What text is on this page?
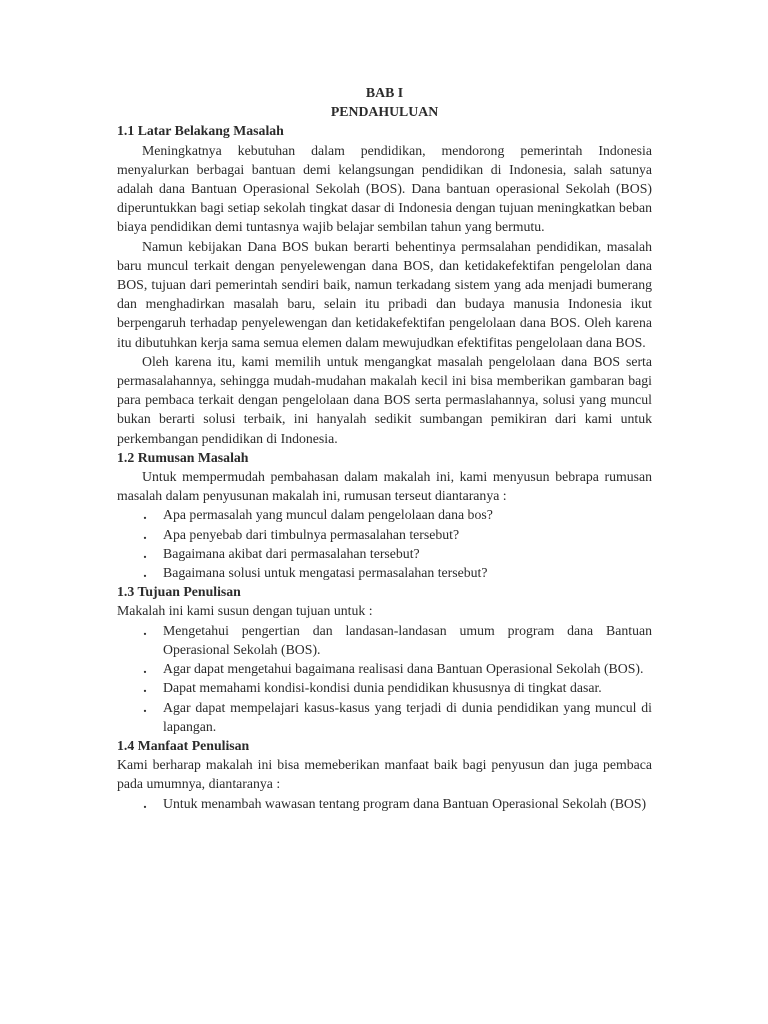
BAB I
PENDAHULUAN
1.1 Latar Belakang Masalah

Meningkatnya kebutuhan dalam pendidikan, mendorong pemerintah Indonesia menyalurkan berbagai bantuan demi kelangsungan pendidikan di Indonesia, salah satunya adalah dana Bantuan Operasional Sekolah (BOS). Dana bantuan operasional Sekolah (BOS) diperuntukkan bagi setiap sekolah tingkat dasar di Indonesia dengan tujuan meningkatkan beban biaya pendidikan demi tuntasnya wajib belajar sembilan tahun yang bermutu.

Namun kebijakan Dana BOS bukan berarti behentinya permsalahan pendidikan, masalah baru muncul terkait dengan penyelewengan dana BOS, dan ketidakefektifan pengelolan dana BOS, tujuan dari pemerintah sendiri baik, namun terkadang sistem yang ada menjadi bumerang dan menghadirkan masalah baru, selain itu pribadi dan budaya manusia Indonesia ikut berpengaruh terhadap penyelewengan dan ketidakefektifan pengelolaan dana BOS. Oleh karena itu dibutuhkan kerja sama semua elemen dalam mewujudkan efektifitas pengelolaan dana BOS.

Oleh karena itu, kami memilih untuk mengangkat masalah pengelolaan dana BOS serta permasalahannya, sehingga mudah-mudahan makalah kecil ini bisa memberikan gambaran bagi para pembaca terkait dengan pengelolaan dana BOS serta permaslahannya, solusi yang muncul bukan berarti solusi terbaik, ini hanyalah sedikit sumbangan pemikiran dari kami untuk perkembangan pendidikan di Indonesia.

1.2 Rumusan Masalah

Untuk mempermudah pembahasan dalam makalah ini, kami menyusun bebrapa rumusan masalah dalam penyusunan makalah ini, rumusan terseut diantaranya :

.	Apa permasalah yang muncul dalam pengelolaan dana bos?
.	Apa penyebab dari timbulnya permasalahan tersebut?
.	Bagaimana akibat dari permasalahan tersebut?
.	Bagaimana solusi untuk mengatasi permasalahan tersebut?
1.3 Tujuan Penulisan

Makalah ini kami susun dengan tujuan untuk :

.	Mengetahui pengertian dan landasan-landasan umum program dana Bantuan Operasional Sekolah (BOS).
.	Agar dapat mengetahui bagaimana realisasi dana Bantuan Operasional Sekolah (BOS).
.	Dapat memahami kondisi-kondisi dunia pendidikan khususnya di tingkat dasar.
.	Agar dapat mempelajari kasus-kasus yang terjadi di dunia pendidikan yang muncul di lapangan.
1.4 Manfaat Penulisan

Kami berharap makalah ini bisa memeberikan manfaat baik bagi penyusun dan juga pembaca pada umumnya, diantaranya :

.	Untuk menambah wawasan tentang program dana Bantuan Operasional Sekolah (BOS)
